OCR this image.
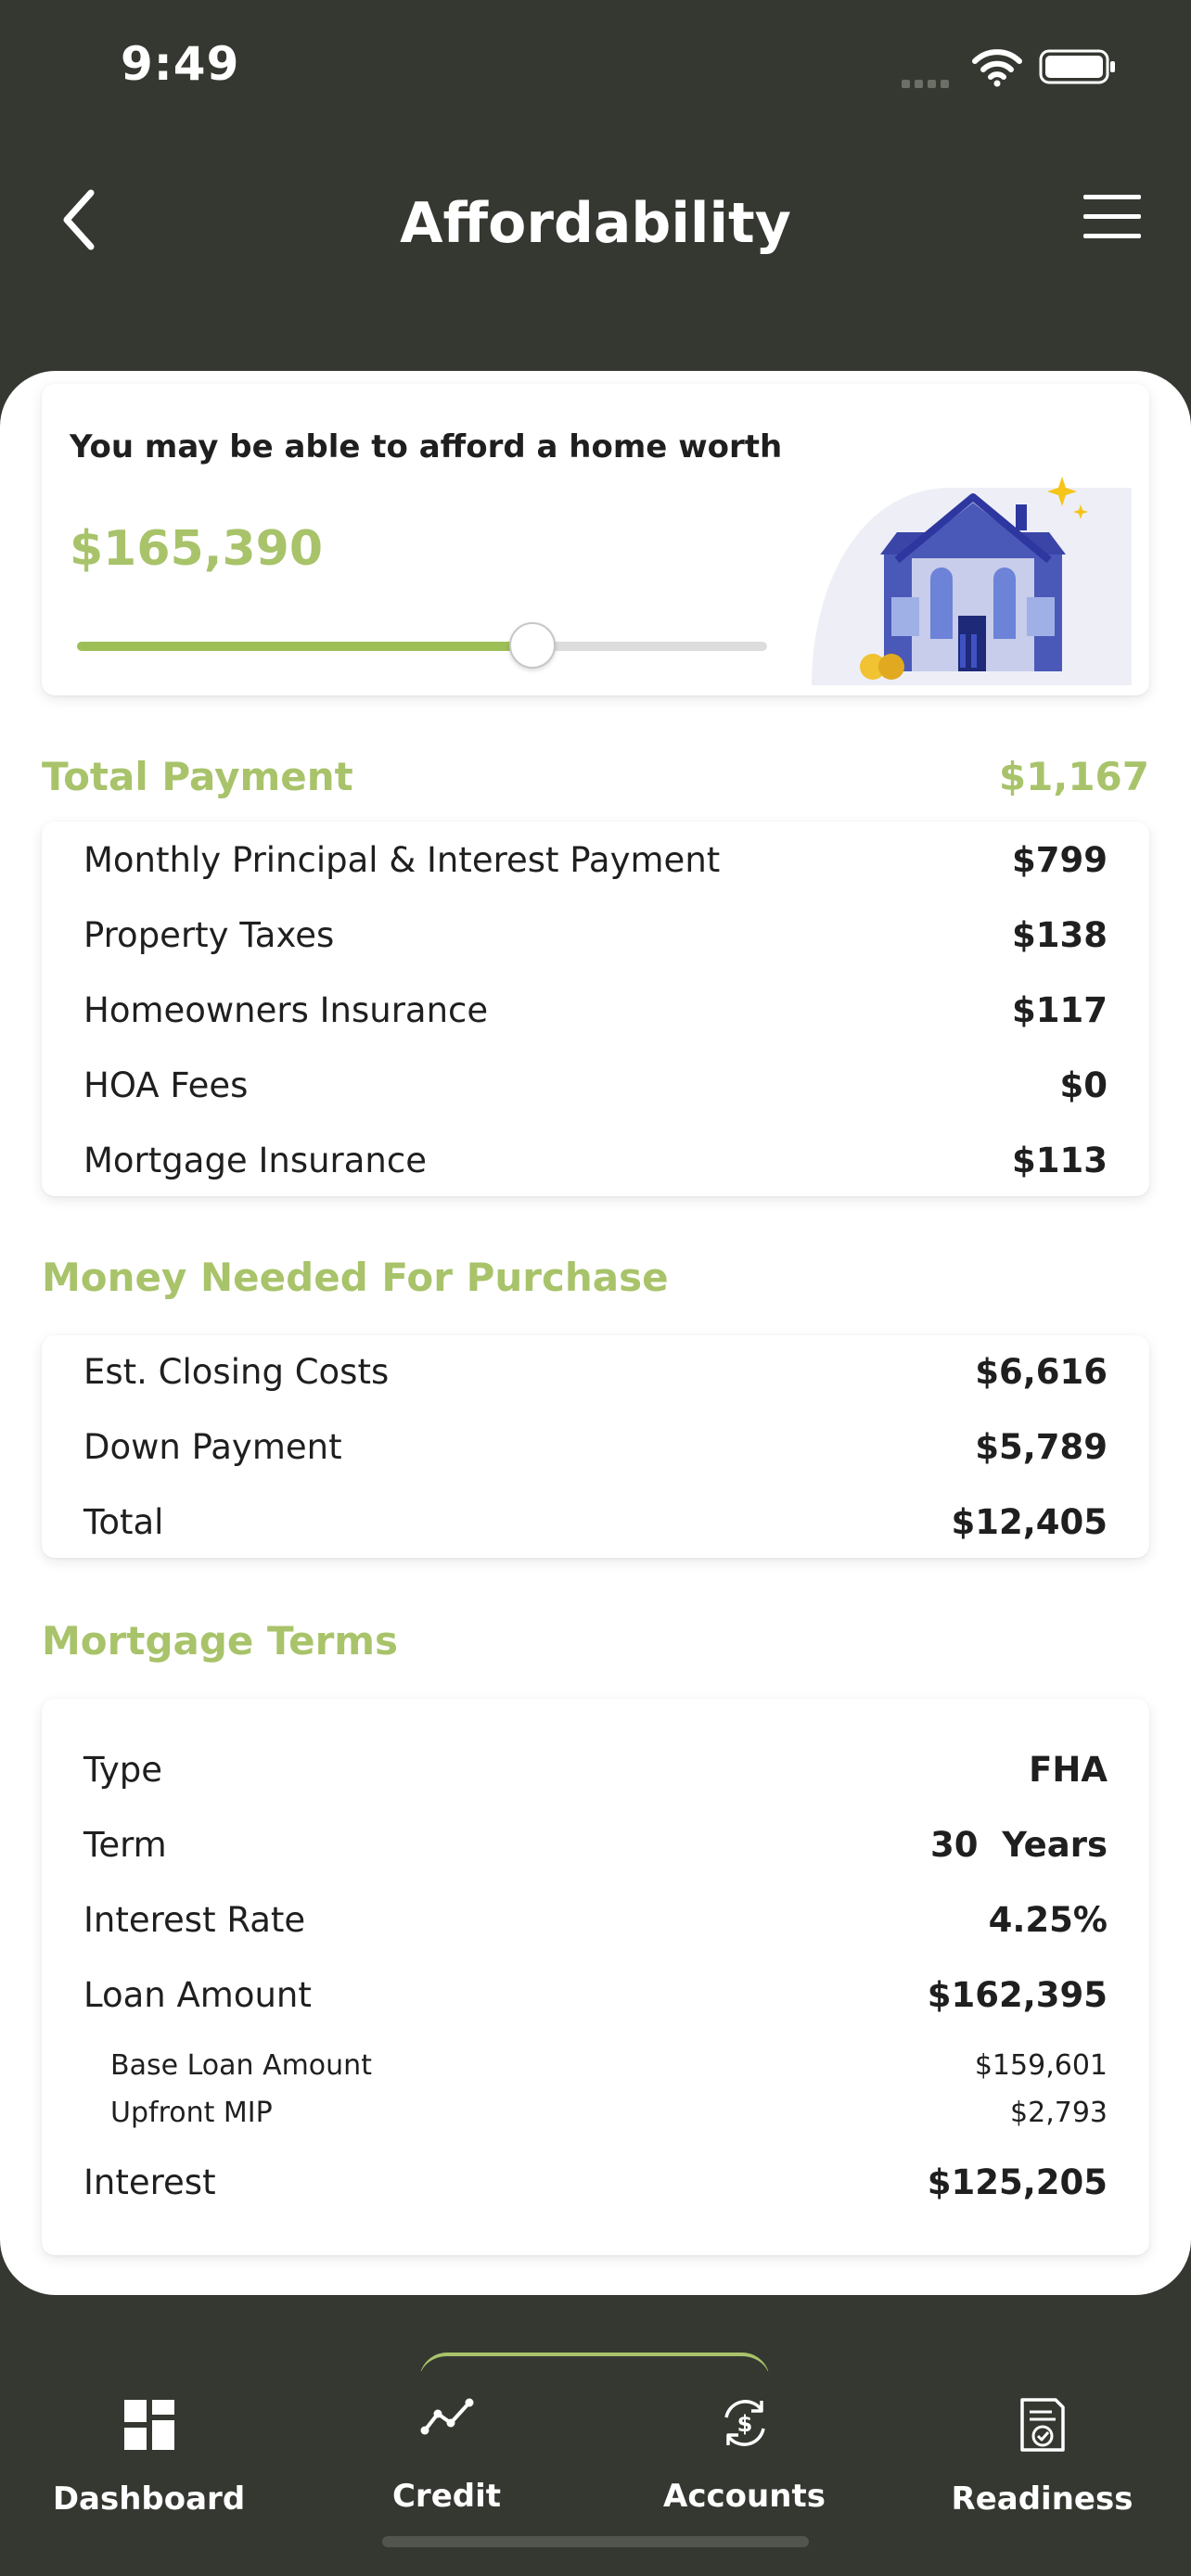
9:49
Affordability
You may be able to afford a home worth
$165,390
Total Payment	$1,167
Monthly Principal & Interest Payment	$799
Property Taxes	$138
Homeowners Insurance	$117
HOA Fees	$0
Mortgage Insurance	$113
Money Needed For Purchase
Est. Closing Costs	$6,616
Down Payment	$5,789
Total	$12,405
Mortgage Terms
Type	FHA
Term	30  Years
Interest Rate	4.25%
Loan Amount	$162,395
Base Loan Amount	$159,601
Upfront MIP	$2,793
Interest	$125,205
Dashboard	Credit
$
Accounts	Readiness
